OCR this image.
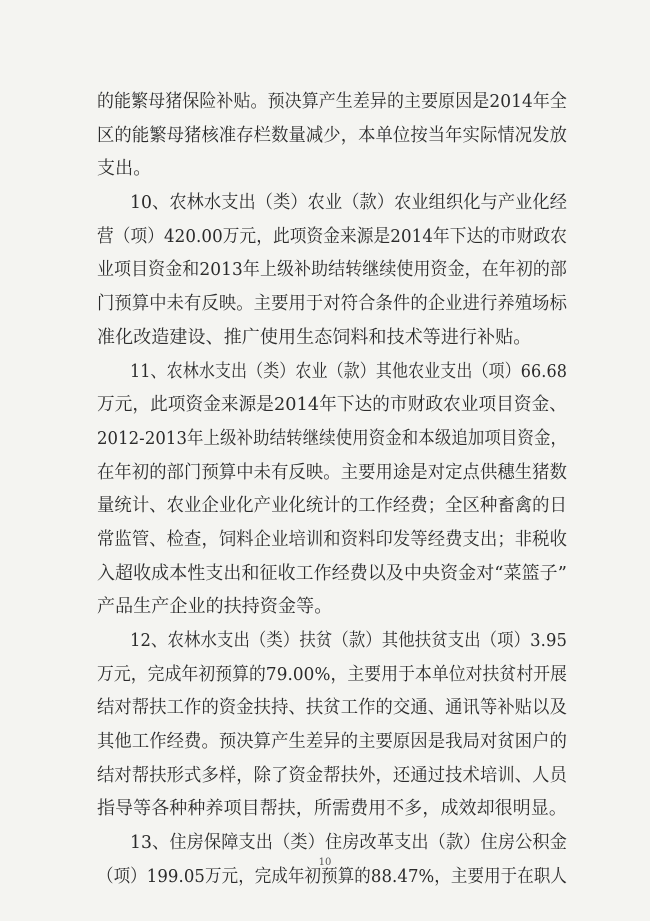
的能繁母猪保险补贴。预决算产生差异的主要原因是2014年全
区的能繁母猪核准存栏数量减少，本单位按当年实际情况发放
支出。
10、农林水支出（类）农业（款）农业组织化与产业化经
营（项）420.00万元，此项资金来源是2014年下达的市财政农
业项目资金和2013年上级补助结转继续使用资金，在年初的部
门预算中未有反映。主要用于对符合条件的企业进行养殖场标
准化改造建设、推广使用生态饲料和技术等进行补贴。
11、农林水支出（类）农业（款）其他农业支出（项）66.68
万元，此项资金来源是2014年下达的市财政农业项目资金、
2012-2013年上级补助结转继续使用资金和本级追加项目资金，
在年初的部门预算中未有反映。主要用途是对定点供穗生猪数
量统计、农业企业化产业化统计的工作经费；全区种畜禽的日
常监管、检查，饲料企业培训和资料印发等经费支出；非税收
入超收成本性支出和征收工作经费以及中央资金对“菜篮子”
产品生产企业的扶持资金等。
12、农林水支出（类）扶贫（款）其他扶贫支出（项）3.95
万元，完成年初预算的79.00%，主要用于本单位对扶贫村开展
结对帮扶工作的资金扶持、扶贫工作的交通、通讯等补贴以及
其他工作经费。预决算产生差异的主要原因是我局对贫困户的
结对帮扶形式多样，除了资金帮扶外，还通过技术培训、人员
指导等各种种养项目帮扶，所需费用不多，成效却很明显。
13、住房保障支出（类）住房改革支出（款）住房公积金
（项）199.05万元，完成年初预算的88.47%，主要用于在职人
10
